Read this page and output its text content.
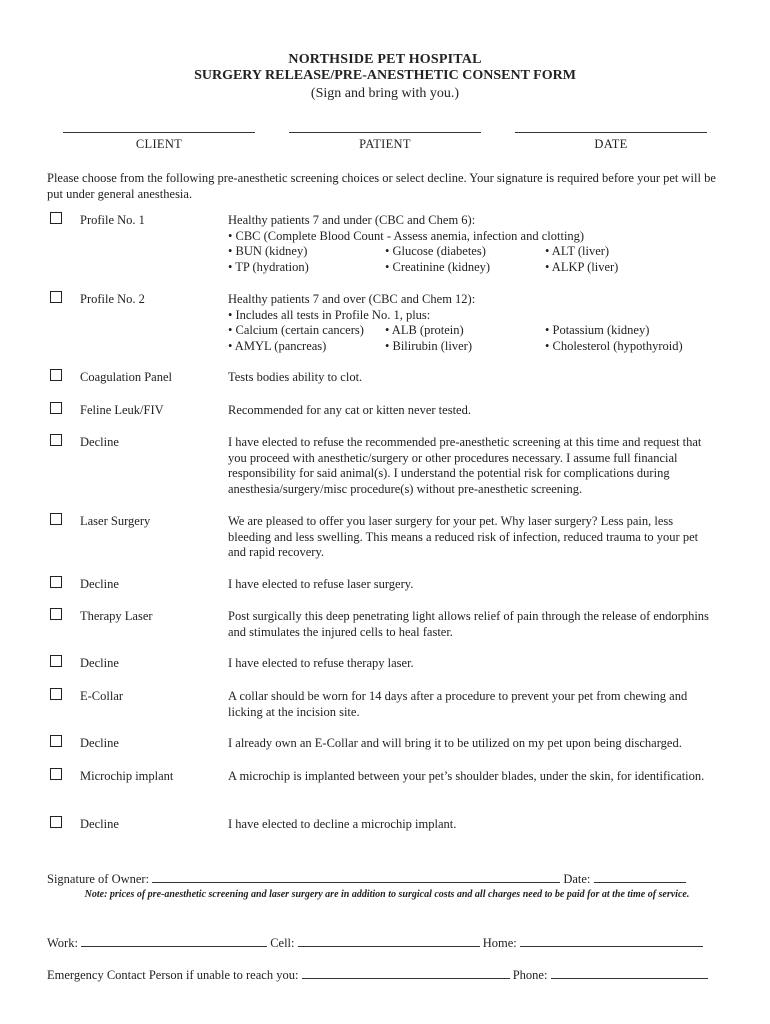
NORTHSIDE PET HOSPITAL
SURGERY RELEASE/PRE-ANESTHETIC CONSENT FORM
(Sign and bring with you.)
CLIENT	PATIENT	DATE
Please choose from the following pre-anesthetic screening choices or select decline. Your signature is required before your pet will be put under general anesthesia.
Profile No. 1	Healthy patients 7 and under (CBC and Chem 6):
• CBC (Complete Blood Count - Assess anemia, infection and clotting)
• BUN (kidney)	• Glucose (diabetes)	• ALT (liver)
• TP (hydration)	• Creatinine (kidney)	• ALKP (liver)
Profile No. 2	Healthy patients 7 and over (CBC and Chem 12):
• Includes all tests in Profile No. 1, plus:
• Calcium (certain cancers)	• ALB (protein)	• Potassium (kidney)
• AMYL (pancreas)	• Bilirubin (liver)	• Cholesterol (hypothyroid)
Coagulation Panel	Tests bodies ability to clot.
Feline Leuk/FIV	Recommended for any cat or kitten never tested.
Decline	I have elected to refuse the recommended pre-anesthetic screening at this time and request that you proceed with anesthetic/surgery or other procedures necessary. I assume full financial responsibility for said animal(s). I understand the potential risk for complications during anesthesia/surgery/misc procedure(s) without pre-anesthetic screening.
Laser Surgery	We are pleased to offer you laser surgery for your pet. Why laser surgery? Less pain, less bleeding and less swelling. This means a reduced risk of infection, reduced trauma to your pet and rapid recovery.
Decline	I have elected to refuse laser surgery.
Therapy Laser	Post surgically this deep penetrating light allows relief of pain through the release of endorphins and stimulates the injured cells to heal faster.
Decline	I have elected to refuse therapy laser.
E-Collar	A collar should be worn for 14 days after a procedure to prevent your pet from chewing and licking at the incision site.
Decline	I already own an E-Collar and will bring it to be utilized on my pet upon being discharged.
Microchip implant	A microchip is implanted between your pet’s shoulder blades, under the skin, for identification.
Decline	I have elected to decline a microchip implant.
Signature of Owner:	Date:
Note: prices of pre-anesthetic screening and laser surgery are in addition to surgical costs and all charges need to be paid for at the time of service.
Work:	Cell:	Home:
Emergency Contact Person if unable to reach you:	Phone:
